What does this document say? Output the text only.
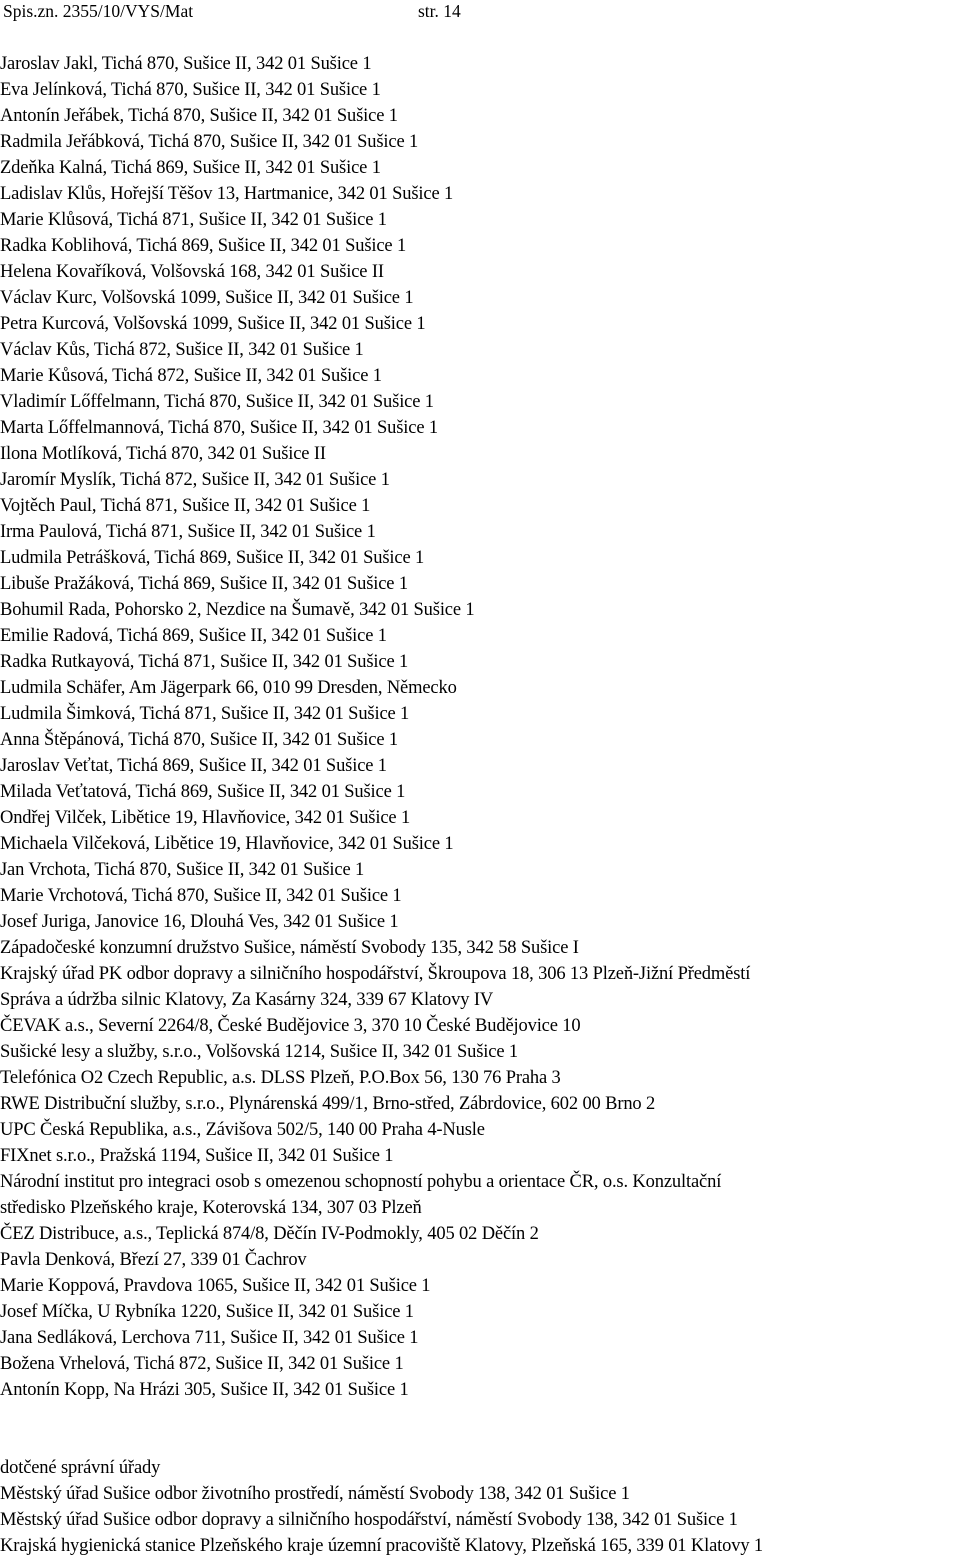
Spis.zn. 2355/10/VYS/Mat	str. 14
Jaroslav Jakl, Tichá 870, Sušice II, 342 01 Sušice 1
Eva Jelínková, Tichá 870, Sušice II, 342 01 Sušice 1
Antonín Jeřábek, Tichá 870, Sušice II, 342 01 Sušice 1
Radmila Jeřábková, Tichá 870, Sušice II, 342 01 Sušice 1
Zdeňka Kalná, Tichá 869, Sušice II, 342 01 Sušice 1
Ladislav Klůs, Hořejší Těšov 13, Hartmanice, 342 01 Sušice 1
Marie Klůsová, Tichá 871, Sušice II, 342 01 Sušice 1
Radka Koblihová, Tichá 869, Sušice II, 342 01 Sušice 1
Helena Kovaříková, Volšovská 168, 342 01 Sušice II
Václav Kurc, Volšovská 1099, Sušice II, 342 01 Sušice 1
Petra Kurcová, Volšovská 1099, Sušice II, 342 01 Sušice 1
Václav Kůs, Tichá 872, Sušice II, 342 01 Sušice 1
Marie Kůsová, Tichá 872, Sušice II, 342 01 Sušice 1
Vladimír Lőffelmann, Tichá 870, Sušice II, 342 01 Sušice 1
Marta Lőffelmannová, Tichá 870, Sušice II, 342 01 Sušice 1
Ilona Motlíková, Tichá 870, 342 01 Sušice II
Jaromír Myslík, Tichá 872, Sušice II, 342 01 Sušice 1
Vojtěch Paul, Tichá 871, Sušice II, 342 01 Sušice 1
Irma Paulová, Tichá 871, Sušice II, 342 01 Sušice 1
Ludmila Petrášková, Tichá 869, Sušice II, 342 01 Sušice 1
Libuše Pražáková, Tichá 869, Sušice II, 342 01 Sušice 1
Bohumil Rada, Pohorsko 2, Nezdice na Šumavě, 342 01 Sušice 1
Emilie Radová, Tichá 869, Sušice II, 342 01 Sušice 1
Radka Rutkayová, Tichá 871, Sušice II, 342 01 Sušice 1
Ludmila Schäfer, Am Jägerpark 66, 010 99 Dresden, Německo
Ludmila Šimková, Tichá 871, Sušice II, 342 01 Sušice 1
Anna Štěpánová, Tichá 870, Sušice II, 342 01 Sušice 1
Jaroslav Veťtat, Tichá 869, Sušice II, 342 01 Sušice 1
Milada Veťtatová, Tichá 869, Sušice II, 342 01 Sušice 1
Ondřej Vilček, Libětice 19, Hlavňovice, 342 01 Sušice 1
Michaela Vilčeková, Libětice 19, Hlavňovice, 342 01 Sušice 1
Jan Vrchota, Tichá 870, Sušice II, 342 01 Sušice 1
Marie Vrchotová, Tichá 870, Sušice II, 342 01 Sušice 1
Josef Juriga, Janovice 16, Dlouhá Ves, 342 01 Sušice 1
Západočeské konzumní družstvo Sušice, náměstí Svobody 135, 342 58 Sušice I
Krajský úřad PK odbor dopravy a silničního hospodářství, Škroupova 18, 306 13 Plzeň-Jižní Předměstí
Správa a údržba silnic Klatovy, Za Kasárny 324, 339 67 Klatovy IV
ČEVAK a.s., Severní 2264/8, České Budějovice 3, 370 10 České Budějovice 10
Sušické lesy a služby, s.r.o., Volšovská 1214, Sušice II, 342 01 Sušice 1
Telefónica O2 Czech Republic, a.s. DLSS Plzeň, P.O.Box 56, 130 76 Praha 3
RWE Distribuční služby, s.r.o., Plynárenská 499/1, Brno-střed, Zábrdovice, 602 00 Brno 2
UPC Česká Republika, a.s., Závišova 502/5, 140 00 Praha 4-Nusle
FIXnet s.r.o., Pražská 1194, Sušice II, 342 01 Sušice 1
Národní institut pro integraci osob s omezenou schopností pohybu a orientace ČR, o.s. Konzultační
středisko Plzeňského kraje, Koterovská 134, 307 03 Plzeň
ČEZ Distribuce, a.s., Teplická 874/8, Děčín IV-Podmokly, 405 02 Děčín 2
Pavla Denková, Březí 27, 339 01 Čachrov
Marie Koppová, Pravdova 1065, Sušice II, 342 01 Sušice 1
Josef Míčka, U Rybníka 1220, Sušice II, 342 01 Sušice 1
Jana Sedláková, Lerchova 711, Sušice II, 342 01 Sušice 1
Božena Vrhelová, Tichá 872, Sušice II, 342 01 Sušice 1
Antonín Kopp, Na Hrázi 305, Sušice II, 342 01 Sušice 1
dotčené správní úřady
Městský úřad Sušice odbor životního prostředí, náměstí Svobody 138, 342 01 Sušice 1
Městský úřad Sušice odbor dopravy a silničního hospodářství, náměstí Svobody 138, 342 01 Sušice 1
Krajská hygienická stanice Plzeňského kraje územní pracoviště Klatovy, Plzeňská 165, 339 01 Klatovy 1
